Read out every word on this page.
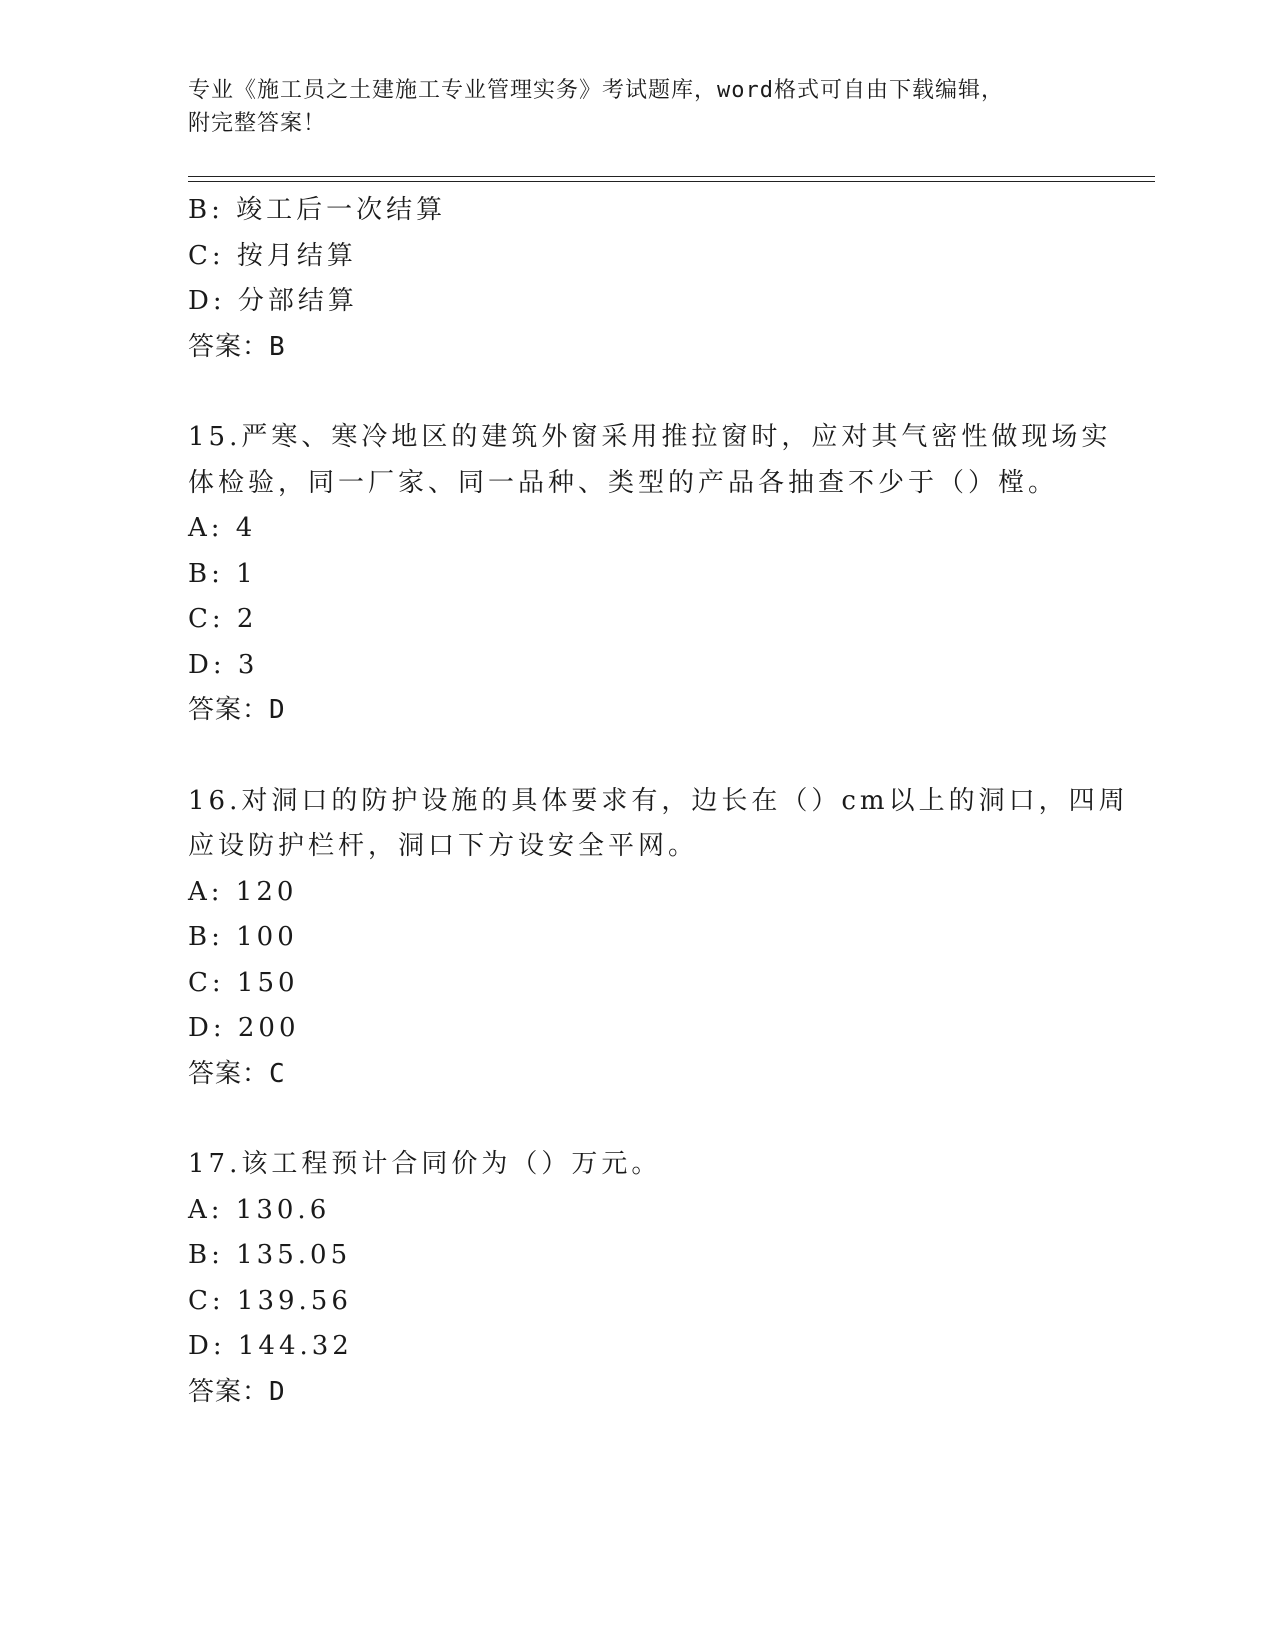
专业《施工员之土建施工专业管理实务》考试题库，word格式可自由下载编辑，
附完整答案！
B: 竣工后一次结算
C: 按月结算
D: 分部结算
答案：B
15.严寒、寒冷地区的建筑外窗采用推拉窗时，应对其气密性做现场实
体检验，同一厂家、同一品种、类型的产品各抽查不少于（）樘。
A: 4
B: 1
C: 2
D: 3
答案：D
16.对洞口的防护设施的具体要求有，边长在（）cm以上的洞口，四周
应设防护栏杆，洞口下方设安全平网。
A: 120
B: 100
C: 150
D: 200
答案：C
17.该工程预计合同价为（）万元。
A: 130.6
B: 135.05
C: 139.56
D: 144.32
答案：D
